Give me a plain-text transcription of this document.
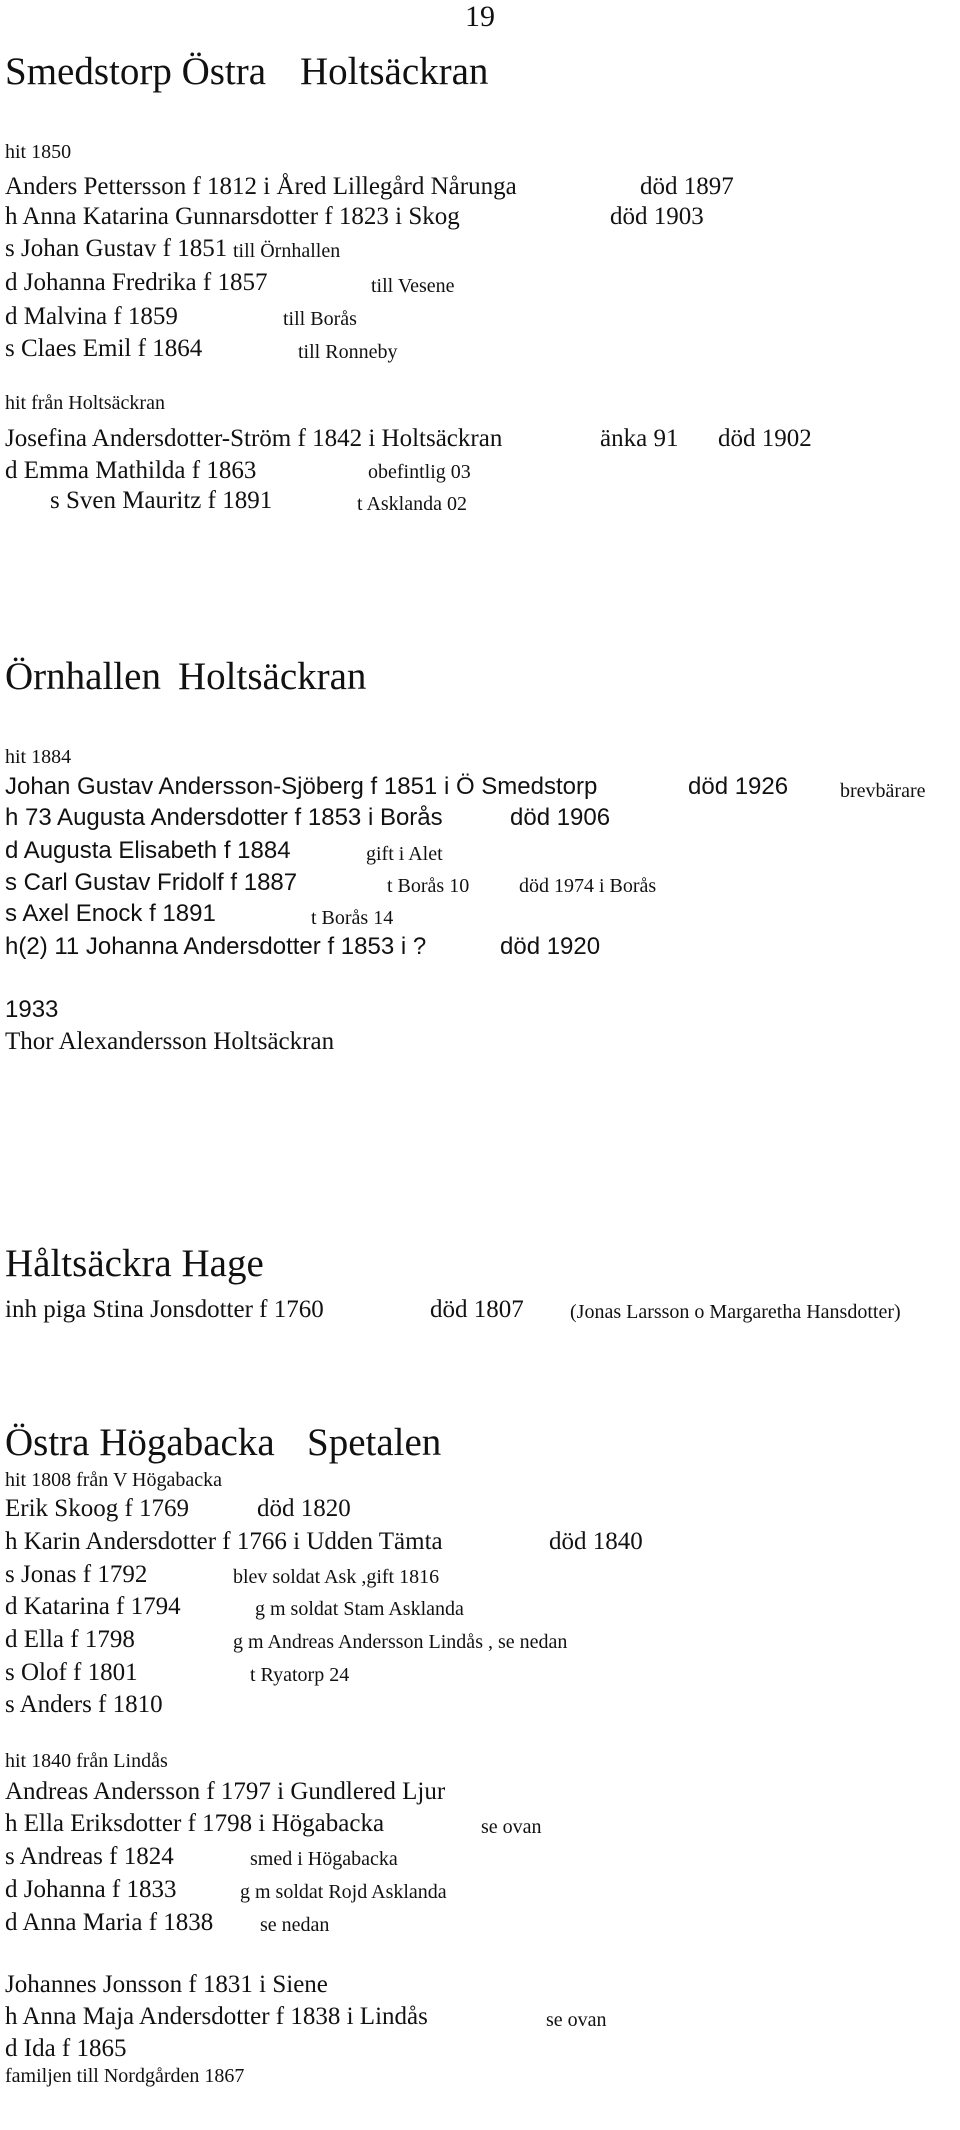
19
Smedstorp Östra Holtsäckran
hit 1850
Anders Pettersson f 1812 i Åred Lillegård Nårunga	död 1897
h Anna Katarina Gunnarsdotter f 1823 i Skog	död 1903
s Johan Gustav f 1851 till Örnhallen
d Johanna Fredrika f 1857	till Vesene
d Malvina f 1859	till Borås
s Claes Emil f 1864	till Ronneby
hit från Holtsäckran
Josefina Andersdotter-Ström f 1842 i Holtsäckran	änka 91 död 1902
d Emma Mathilda f 1863	obefintlig 03
s Sven Mauritz f 1891	t Asklanda 02
Örnhallen Holtsäckran
hit 1884
Johan Gustav Andersson-Sjöberg f 1851 i Ö Smedstorp	död 1926	brevbärare
h 73 Augusta Andersdotter f 1853 i Borås	död 1906
d Augusta Elisabeth f 1884	gift i Alet
s Carl Gustav Fridolf f 1887	t Borås 10 död 1974 i Borås
s Axel Enock f 1891	t Borås 14
h(2) 11 Johanna Andersdotter f 1853 i ?	död 1920
1933
Thor Alexandersson Holtsäckran
Håltsäckra Hage
inh piga Stina Jonsdotter f 1760	död 1807 (Jonas Larsson o Margaretha Hansdotter)
Östra Högabacka Spetalen
hit 1808 från V Högabacka
Erik Skoog f 1769	död 1820
h Karin Andersdotter f 1766 i Udden Tämta	död 1840
s Jonas f 1792	blev soldat Ask ,gift 1816
d Katarina f 1794	g m soldat Stam Asklanda
d Ella f 1798	g m Andreas Andersson Lindås , se nedan
s Olof f 1801	t Ryatorp 24
s Anders f 1810
hit 1840 från Lindås
Andreas Andersson f 1797 i Gundlered Ljur
h Ella Eriksdotter f 1798 i Högabacka	se ovan
s Andreas f 1824	smed i Högabacka
d Johanna f 1833	g m soldat Rojd Asklanda
d Anna Maria f 1838 se nedan
Johannes Jonsson f 1831 i Siene
h Anna Maja Andersdotter f 1838 i Lindås	se ovan
d Ida f 1865
familjen till Nordgården 1867
